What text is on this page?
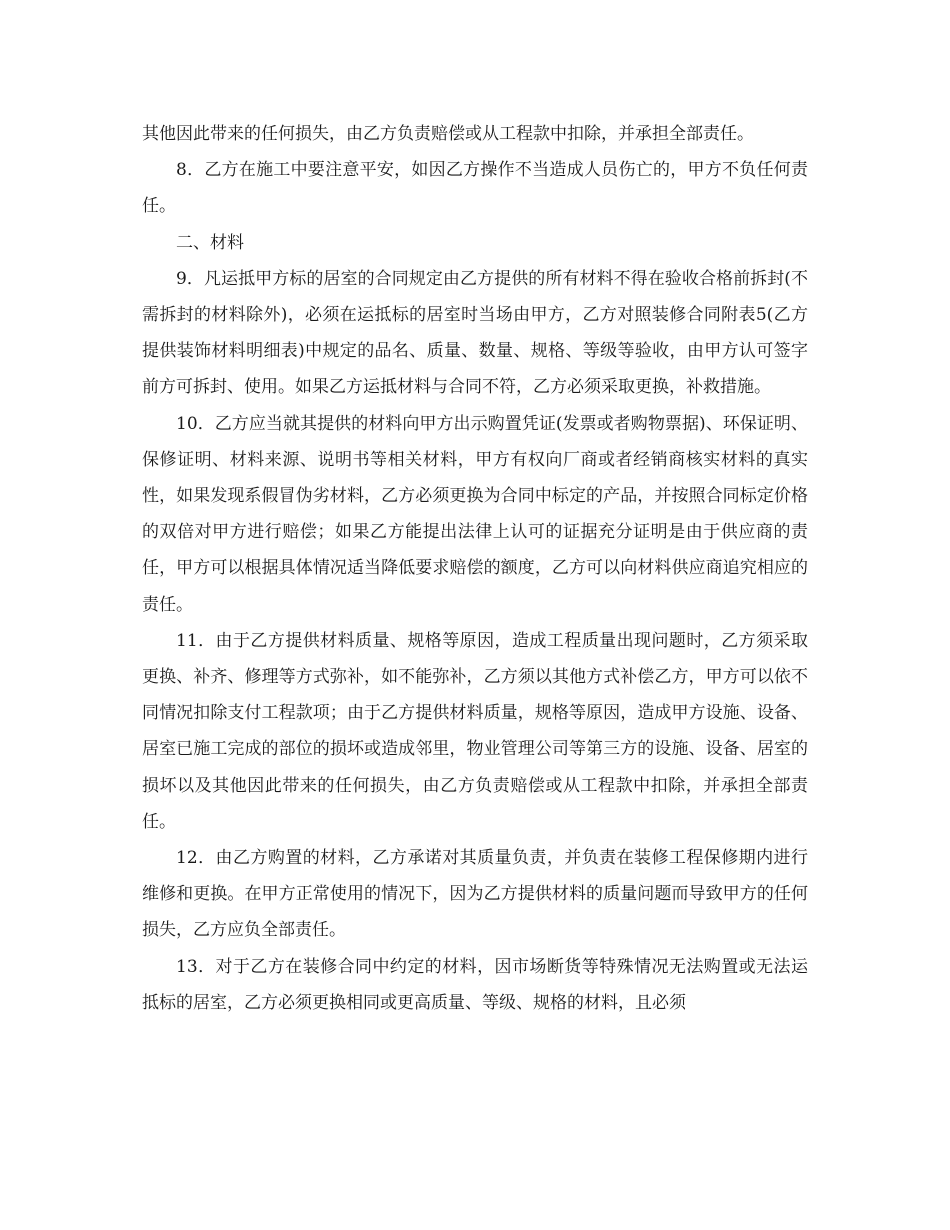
其他因此带来的任何损失，由乙方负责赔偿或从工程款中扣除，并承担全部责任。

8．乙方在施工中要注意平安，如因乙方操作不当造成人员伤亡的，甲方不负任何责任。

二、材料

9．凡运抵甲方标的居室的合同规定由乙方提供的所有材料不得在验收合格前拆封(不需拆封的材料除外)，必须在运抵标的居室时当场由甲方，乙方对照装修合同附表5(乙方提供装饰材料明细表)中规定的品名、质量、数量、规格、等级等验收，由甲方认可签字前方可拆封、使用。如果乙方运抵材料与合同不符，乙方必须采取更换，补救措施。

10．乙方应当就其提供的材料向甲方出示购置凭证(发票或者购物票据)、环保证明、保修证明、材料来源、说明书等相关材料，甲方有权向厂商或者经销商核实材料的真实性，如果发现系假冒伪劣材料，乙方必须更换为合同中标定的产品，并按照合同标定价格的双倍对甲方进行赔偿；如果乙方能提出法律上认可的证据充分证明是由于供应商的责任，甲方可以根据具体情况适当降低要求赔偿的额度，乙方可以向材料供应商追究相应的责任。

11．由于乙方提供材料质量、规格等原因，造成工程质量出现问题时，乙方须采取更换、补齐、修理等方式弥补，如不能弥补，乙方须以其他方式补偿乙方，甲方可以依不同情况扣除支付工程款项；由于乙方提供材料质量，规格等原因，造成甲方设施、设备、居室已施工完成的部位的损坏或造成邻里，物业管理公司等第三方的设施、设备、居室的损坏以及其他因此带来的任何损失，由乙方负责赔偿或从工程款中扣除，并承担全部责任。

12．由乙方购置的材料，乙方承诺对其质量负责，并负责在装修工程保修期内进行维修和更换。在甲方正常使用的情况下，因为乙方提供材料的质量问题而导致甲方的任何损失，乙方应负全部责任。

13．对于乙方在装修合同中约定的材料，因市场断货等特殊情况无法购置或无法运抵标的居室，乙方必须更换相同或更高质量、等级、规格的材料，且必须
